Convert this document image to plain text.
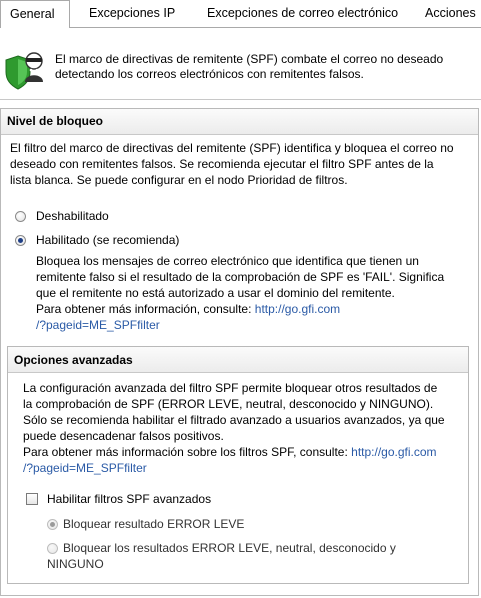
General	Excepciones IP	Excepciones de correo electrónico Acciones
El marco de directivas de remitente (SPF) combate el correo no deseado
detectando los correos electrónicos con remitentes falsos.
Nivel de bloqueo
El filtro del marco de directivas del remitente (SPF) identifica y bloquea el correo no
deseado con remitentes falsos. Se recomienda ejecutar el filtro SPF antes de la
lista blanca. Se puede configurar en el nodo Prioridad de filtros.
Deshabilitado
Habilitado (se recomienda)
Bloquea los mensajes de correo electrónico que identifica que tienen un
remitente falso si el resultado de la comprobación de SPF es 'FAIL'. Significa
que el remitente no está autorizado a usar el dominio del remitente.
Para obtener más información, consulte: http://go.gfi.com
/?pageid=ME_SPFfilter
Opciones avanzadas
La configuración avanzada del filtro SPF permite bloquear otros resultados de
la comprobación de SPF (ERROR LEVE, neutral, desconocido y NINGUNO).
Sólo se recomienda habilitar el filtrado avanzado a usuarios avanzados, ya que
puede desencadenar falsos positivos.
Para obtener más información sobre los filtros SPF, consulte: http://go.gfi.com
/?pageid=ME_SPFfilter
Habilitar filtros SPF avanzados
Bloquear resultado ERROR LEVE
Bloquear los resultados ERROR LEVE, neutral, desconocido y
NINGUNO
